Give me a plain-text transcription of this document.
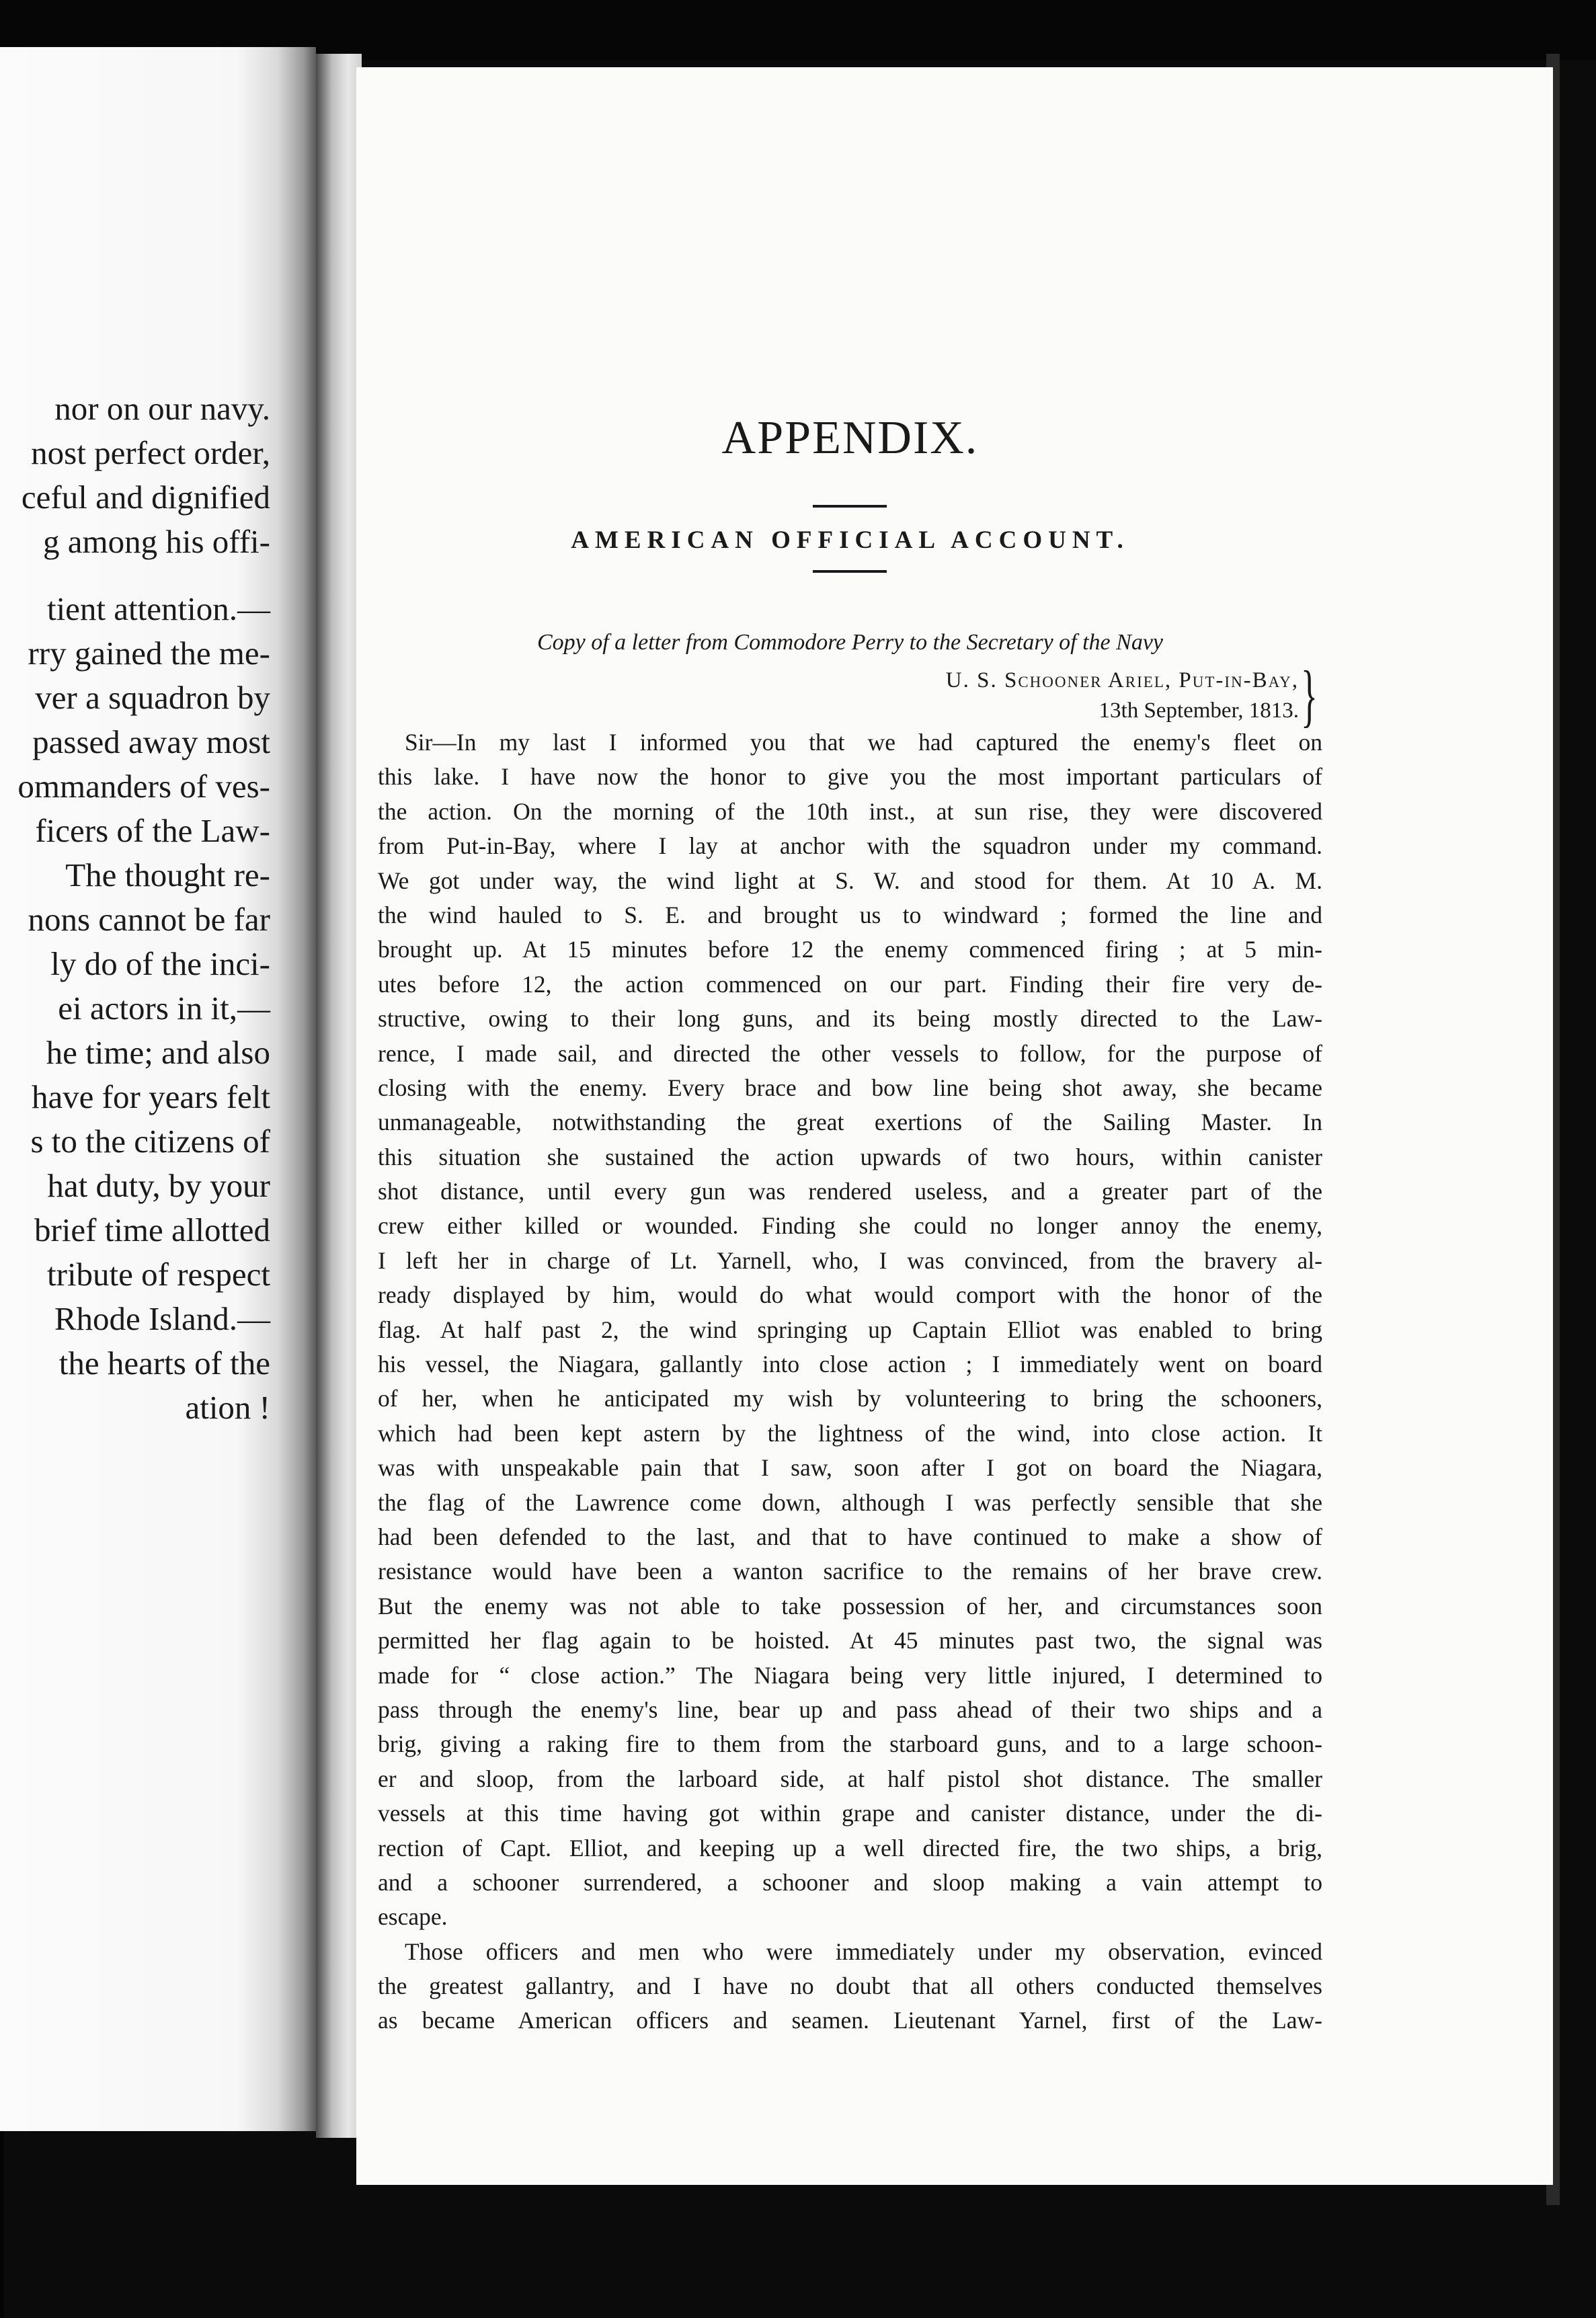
nor on our navy.
nost perfect order,
ceful and dignified
g among his offi-
tient attention.—
rry gained the me-
ver a squadron by
passed away most
ommanders of ves-
ficers of the Law-
The thought re-
nons cannot be far
ly do of the inci-
ei actors in it,—
he time; and also
have for years felt
s to the citizens of
hat duty, by your
brief time allotted
tribute of respect
Rhode Island.—
the hearts of the
ation !
APPENDIX.
AMERICAN OFFICIAL ACCOUNT.
Copy of a letter from Commodore Perry to the Secretary of the Navy
U. S. Schooner Ariel, Put-in-Bay,
13th September, 1813. }
Sir—In my last I informed you that we had captured the enemy's fleet on
this lake. I have now the honor to give you the most important particulars of
the action. On the morning of the 10th inst., at sun rise, they were discovered
from Put-in-Bay, where I lay at anchor with the squadron under my command.
We got under way, the wind light at S. W. and stood for them. At 10 A. M.
the wind hauled to S. E. and brought us to windward ; formed the line and
brought up. At 15 minutes before 12 the enemy commenced firing ; at 5 min-
utes before 12, the action commenced on our part. Finding their fire very de-
structive, owing to their long guns, and its being mostly directed to the Law-
rence, I made sail, and directed the other vessels to follow, for the purpose of
closing with the enemy. Every brace and bow line being shot away, she became
unmanageable, notwithstanding the great exertions of the Sailing Master. In
this situation she sustained the action upwards of two hours, within canister
shot distance, until every gun was rendered useless, and a greater part of the
crew either killed or wounded. Finding she could no longer annoy the enemy,
I left her in charge of Lt. Yarnell, who, I was convinced, from the bravery al-
ready displayed by him, would do what would comport with the honor of the
flag. At half past 2, the wind springing up Captain Elliot was enabled to bring
his vessel, the Niagara, gallantly into close action ; I immediately went on board
of her, when he anticipated my wish by volunteering to bring the schooners,
which had been kept astern by the lightness of the wind, into close action. It
was with unspeakable pain that I saw, soon after I got on board the Niagara,
the flag of the Lawrence come down, although I was perfectly sensible that she
had been defended to the last, and that to have continued to make a show of
resistance would have been a wanton sacrifice to the remains of her brave crew.
But the enemy was not able to take possession of her, and circumstances soon
permitted her flag again to be hoisted. At 45 minutes past two, the signal was
made for “ close action.” The Niagara being very little injured, I determined to
pass through the enemy's line, bear up and pass ahead of their two ships and a
brig, giving a raking fire to them from the starboard guns, and to a large schoon-
er and sloop, from the larboard side, at half pistol shot distance. The smaller
vessels at this time having got within grape and canister distance, under the di-
rection of Capt. Elliot, and keeping up a well directed fire, the two ships, a brig,
and a schooner surrendered, a schooner and sloop making a vain attempt to
escape.
Those officers and men who were immediately under my observation, evinced
the greatest gallantry, and I have no doubt that all others conducted themselves
as became American officers and seamen. Lieutenant Yarnel, first of the Law-
